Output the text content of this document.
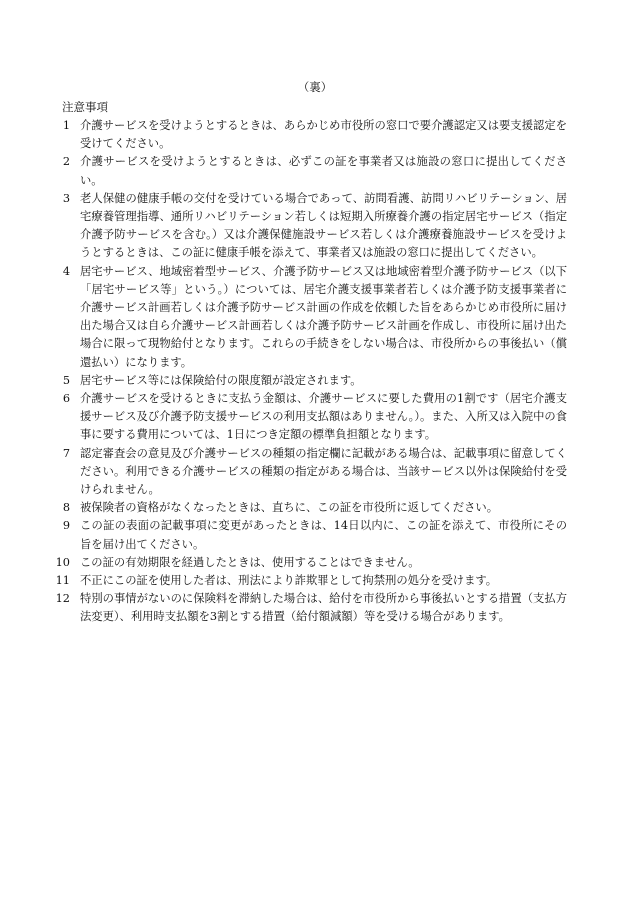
（裏）
注意事項
1 介護サービスを受けようとするときは、あらかじめ市役所の窓口で要介護認定又は要支援認定を受けてください。
2 介護サービスを受けようとするときは、必ずこの証を事業者又は施設の窓口に提出してください。
3 老人保健の健康手帳の交付を受けている場合であって、訪問看護、訪問リハビリテーション、居宅療養管理指導、通所リハビリテーション若しくは短期入所療養介護の指定居宅サービス（指定介護予防サービスを含む。）又は介護保健施設サービス若しくは介護療養施設サービスを受けようとするときは、この証に健康手帳を添えて、事業者又は施設の窓口に提出してください。
4 居宅サービス、地域密着型サービス、介護予防サービス又は地域密着型介護予防サービス（以下「居宅サービス等」という。）については、居宅介護支援事業者若しくは介護予防支援事業者に介護サービス計画若しくは介護予防サービス計画の作成を依頼した旨をあらかじめ市役所に届け出た場合又は自ら介護サービス計画若しくは介護予防サービス計画を作成し、市役所に届け出た場合に限って現物給付となります。これらの手続きをしない場合は、市役所からの事後払い（償還払い）になります。
5 居宅サービス等には保険給付の限度額が設定されます。
6 介護サービスを受けるときに支払う金額は、介護サービスに要した費用の1割です（居宅介護支援サービス及び介護予防支援サービスの利用支払額はありません。）。また、入所又は入院中の食事に要する費用については、1日につき定額の標準負担額となります。
7 認定審査会の意見及び介護サービスの種類の指定欄に記載がある場合は、記載事項に留意してください。利用できる介護サービスの種類の指定がある場合は、当該サービス以外は保険給付を受けられません。
8 被保険者の資格がなくなったときは、直ちに、この証を市役所に返してください。
9 この証の表面の記載事項に変更があったときは、14日以内に、この証を添えて、市役所にその旨を届け出てください。
10 この証の有効期限を経過したときは、使用することはできません。
11 不正にこの証を使用した者は、刑法により詐欺罪として拘禁刑の処分を受けます。
12 特別の事情がないのに保険料を滞納した場合は、給付を市役所から事後払いとする措置（支払方法変更）、利用時支払額を3割とする措置（給付額減額）等を受ける場合があります。
